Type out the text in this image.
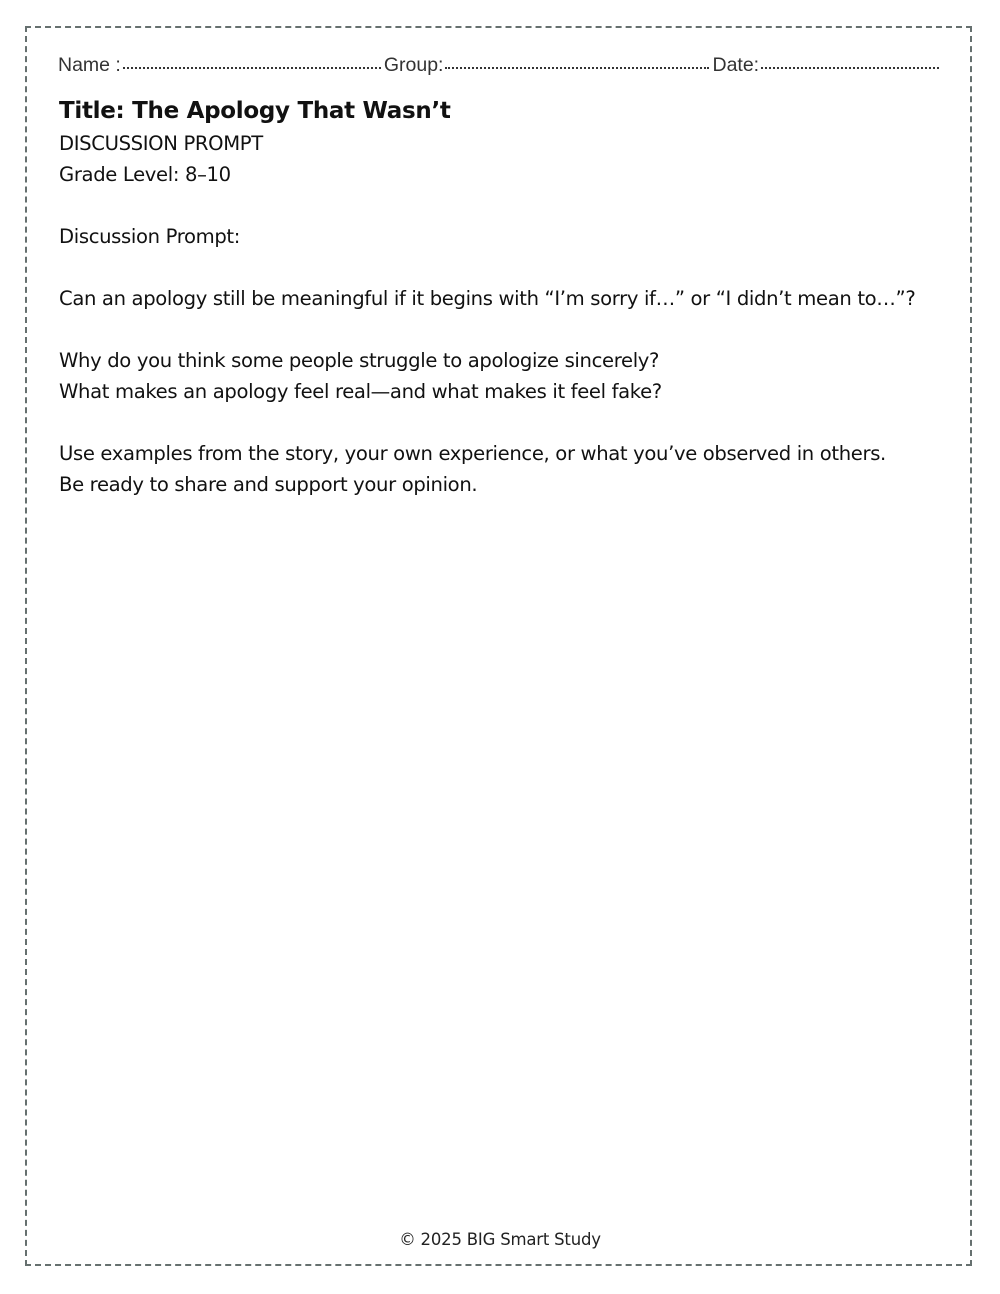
Name :	Group:	Date:

Title: The Apology That Wasn’t

DISCUSSION PROMPT

Grade Level: 8–10

Discussion Prompt:

Can an apology still be meaningful if it begins with “I’m sorry if…” or “I didn’t mean to…”?

Why do you think some people struggle to apologize sincerely?

What makes an apology feel real—and what makes it feel fake?

Use examples from the story, your own experience, or what you’ve observed in others.

Be ready to share and support your opinion.

© 2025 BIG Smart Study
